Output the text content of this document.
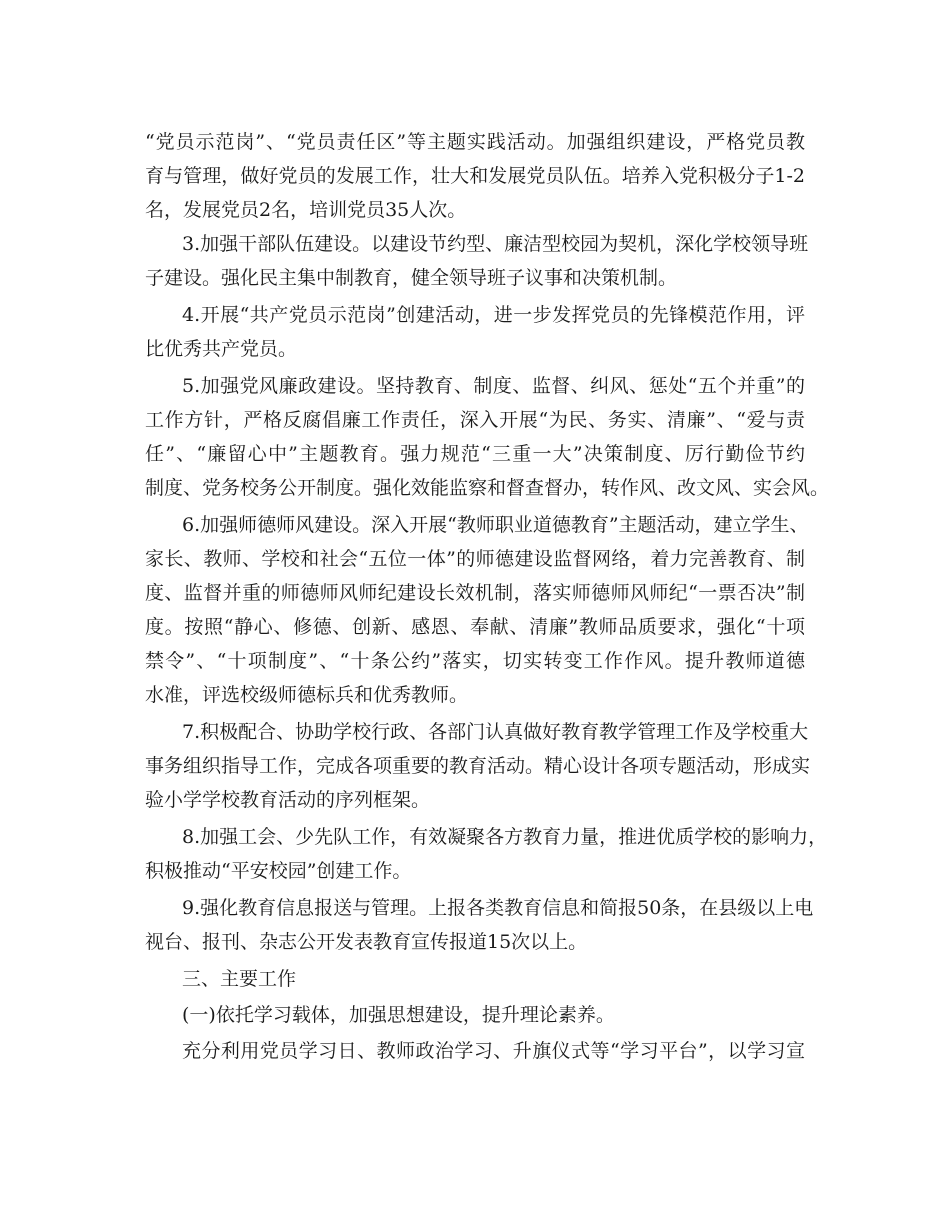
“党员示范岗”、“党员责任区”等主题实践活动。加强组织建设，严格党员教
育与管理，做好党员的发展工作，壮大和发展党员队伍。培养入党积极分子1-2
名，发展党员2名，培训党员35人次。
3.加强干部队伍建设。以建设节约型、廉洁型校园为契机，深化学校领导班
子建设。强化民主集中制教育，健全领导班子议事和决策机制。
4.开展“共产党员示范岗”创建活动，进一步发挥党员的先锋模范作用，评
比优秀共产党员。
5.加强党风廉政建设。坚持教育、制度、监督、纠风、惩处“五个并重”的
工作方针，严格反腐倡廉工作责任，深入开展“为民、务实、清廉”、“爱与责
任”、“廉留心中”主题教育。强力规范“三重一大”决策制度、厉行勤俭节约
制度、党务校务公开制度。强化效能监察和督查督办，转作风、改文风、实会风。
6.加强师德师风建设。深入开展“教师职业道德教育”主题活动，建立学生、
家长、教师、学校和社会“五位一体”的师德建设监督网络，着力完善教育、制
度、监督并重的师德师风师纪建设长效机制，落实师德师风师纪“一票否决”制
度。按照“静心、修德、创新、感恩、奉献、清廉”教师品质要求，强化“十项
禁令”、“十项制度”、“十条公约”落实，切实转变工作作风。提升教师道德
水准，评选校级师德标兵和优秀教师。
7.积极配合、协助学校行政、各部门认真做好教育教学管理工作及学校重大
事务组织指导工作，完成各项重要的教育活动。精心设计各项专题活动，形成实
验小学学校教育活动的序列框架。
8.加强工会、少先队工作，有效凝聚各方教育力量，推进优质学校的影响力，
积极推动“平安校园”创建工作。
9.强化教育信息报送与管理。上报各类教育信息和简报50条，在县级以上电
视台、报刊、杂志公开发表教育宣传报道15次以上。
三、主要工作
(一)依托学习载体，加强思想建设，提升理论素养。
充分利用党员学习日、教师政治学习、升旗仪式等“学习平台”，以学习宣
